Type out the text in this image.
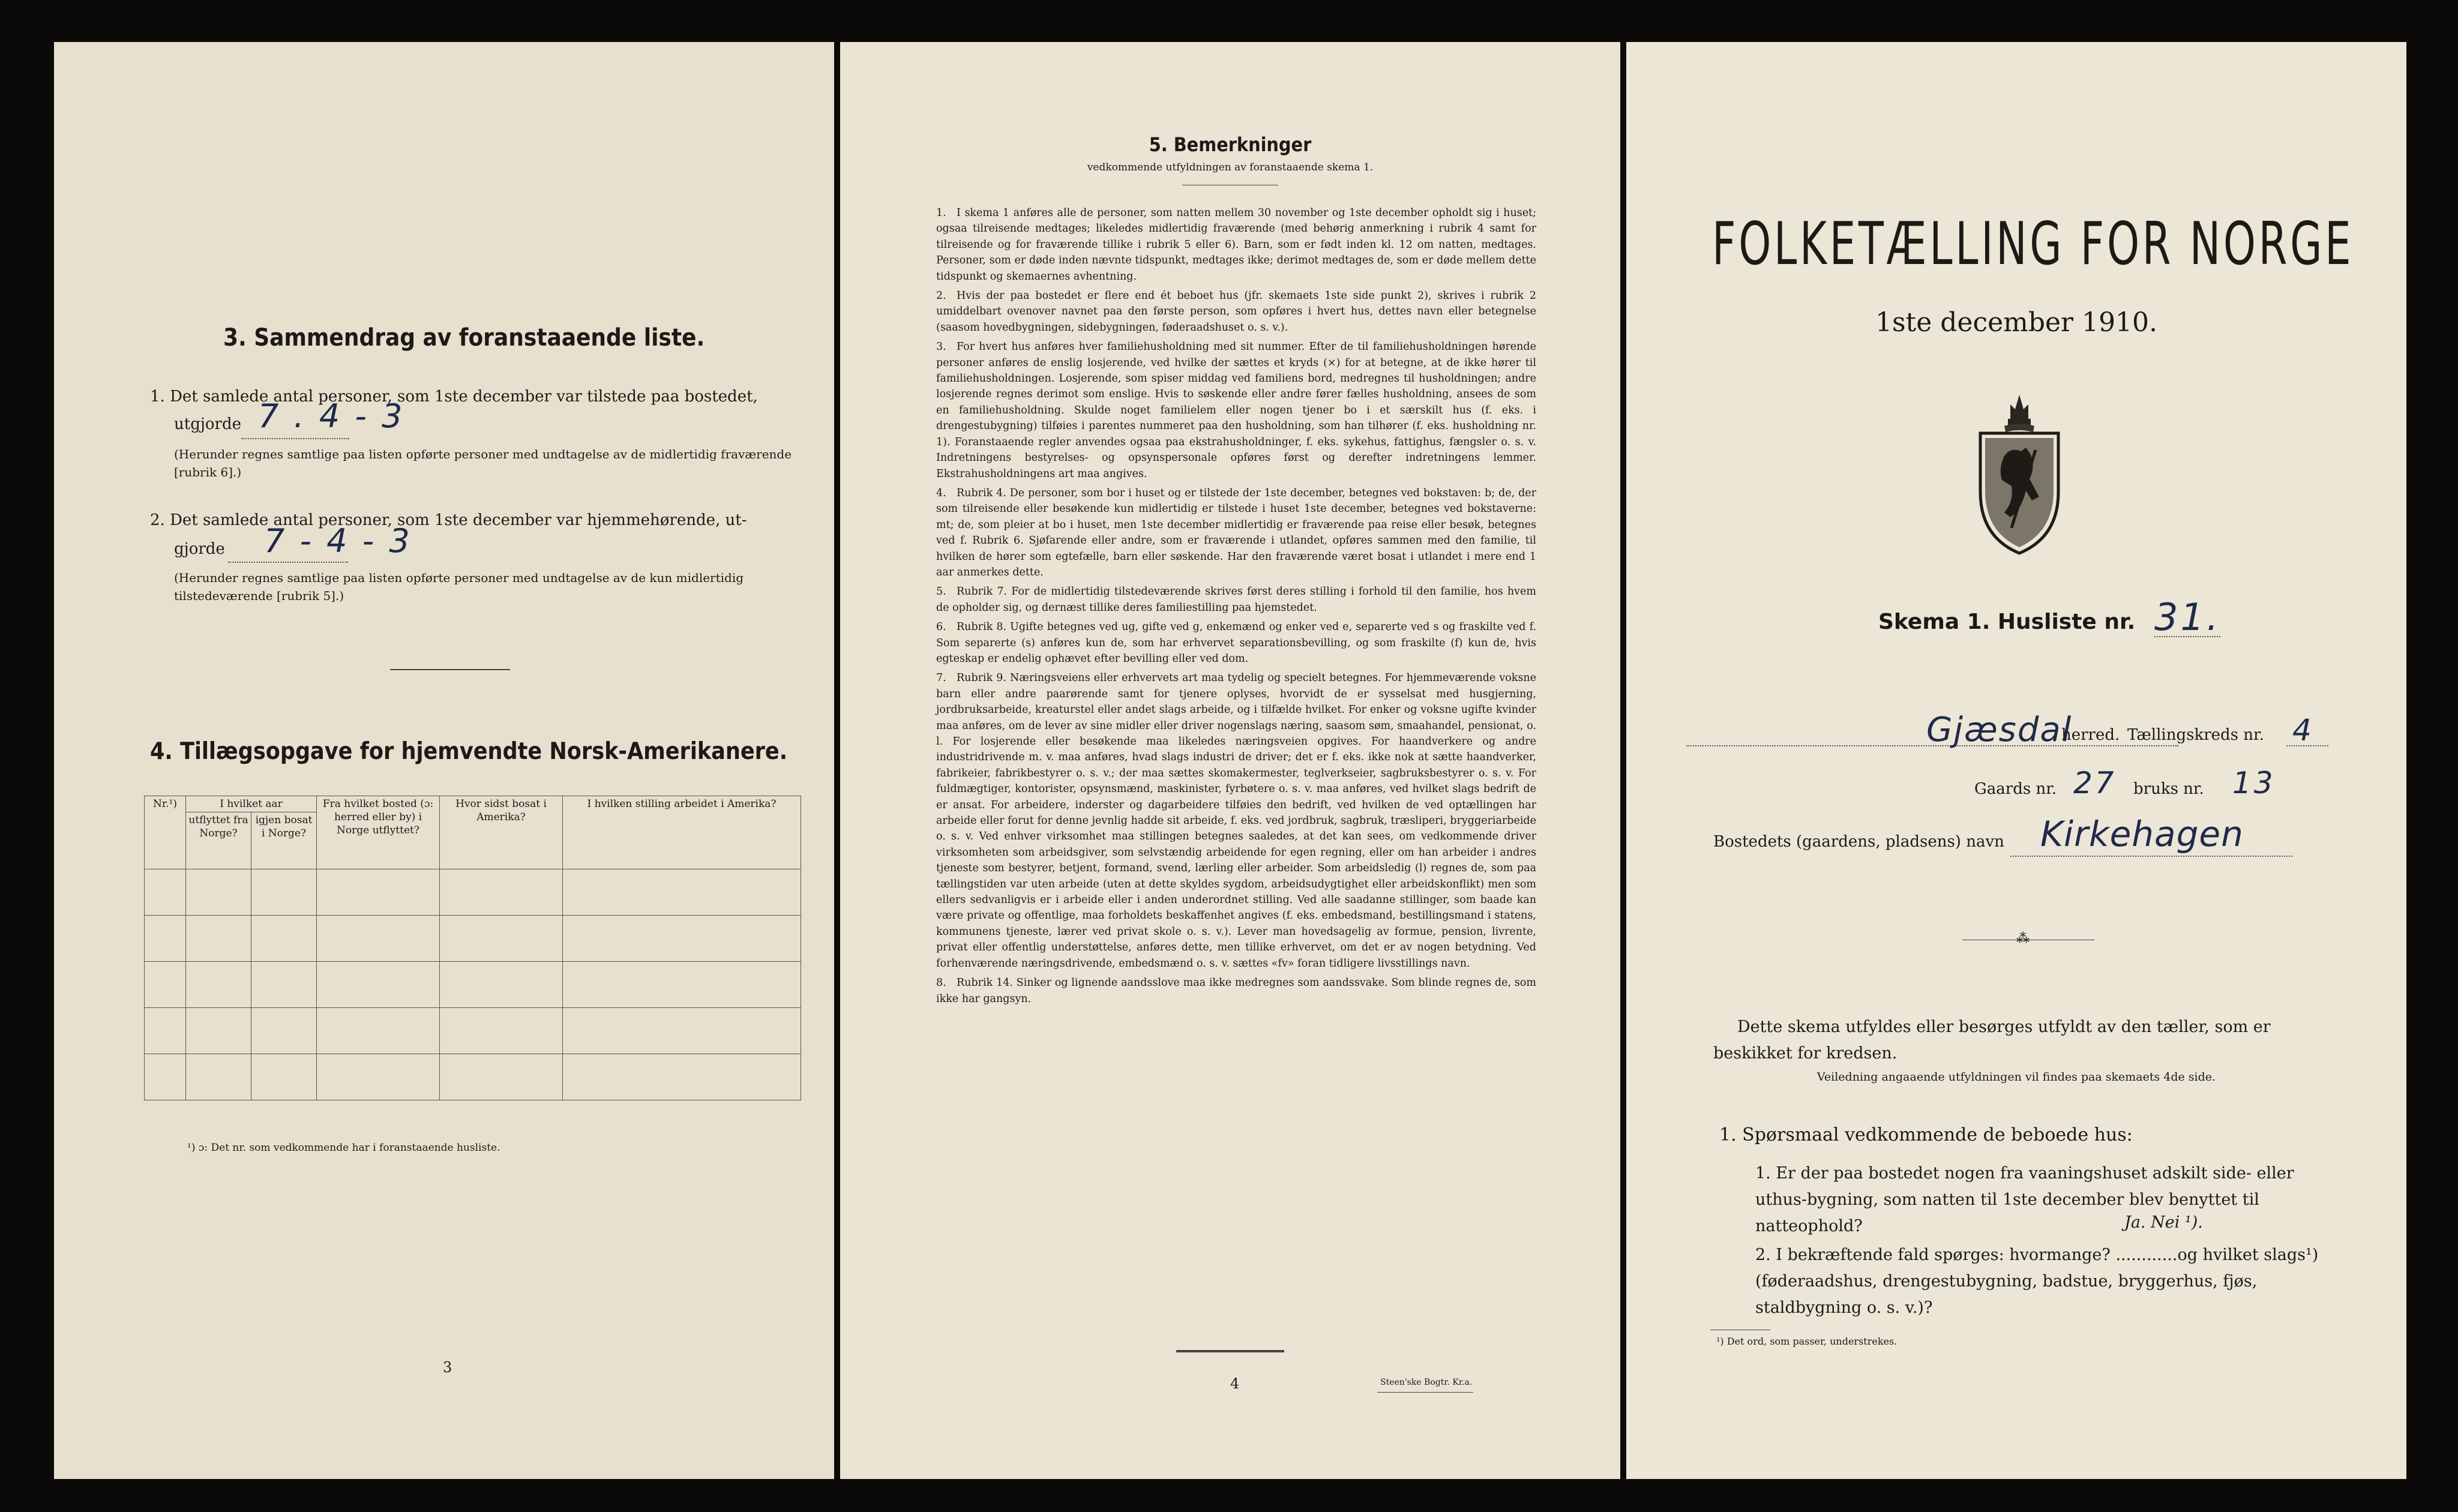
3. Sammendrag av foranstaaende liste.
1. Det samlede antal personer, som 1ste december var tilstede paa bostedet,
utgjorde 7 . 4 - 3
(Herunder regnes samtlige paa listen opførte personer med undtagelse av de midlertidig fraværende [rubrik 6].)
2. Det samlede antal personer, som 1ste december var hjemmehørende, ut-
gjorde 7 - 4 - 3
(Herunder regnes samtlige paa listen opførte personer med undtagelse av de kun midlertidig tilstedeværende [rubrik 5].)
4. Tillægsopgave for hjemvendte Norsk-Amerikanere.
Nr.¹)	I hvilket aar		Fra hvilket bosted (ɔ: herred eller by) i Norge utflyttet?	Hvor sidst bosat i Amerika?	I hvilken stilling arbeidet i Amerika?
	utflyttet fra Norge?	igjen bosat i Norge?			

¹) ɔ: Det nr. som vedkommende har i foranstaaende husliste.
3
5. Bemerkninger
vedkommende utfyldningen av foranstaaende skema 1.

1. I skema 1 anføres alle de personer, som natten mellem 30 november og 1ste december opholdt sig i huset; ogsaa tilreisende medtages; likeledes midlertidig fraværende (med behørig anmerkning i rubrik 4 samt for tilreisende og for fraværende tillike i rubrik 5 eller 6). Barn, som er født inden kl. 12 om natten, medtages. Personer, som er døde inden nævnte tidspunkt, medtages ikke; derimot medtages de, som er døde mellem dette tidspunkt og skemaernes avhentning.

2. Hvis der paa bostedet er flere end ét beboet hus (jfr. skemaets 1ste side punkt 2), skrives i rubrik 2 umiddelbart ovenover navnet paa den første person, som opføres i hvert hus, dettes navn eller betegnelse (saasom hovedbygningen, sidebygningen, føderaadshuset o. s. v.).

3. For hvert hus anføres hver familiehusholdning med sit nummer. Efter de til familiehusholdningen hørende personer anføres de enslig losjerende, ved hvilke der sættes et kryds (×) for at betegne, at de ikke hører til familiehusholdningen. Losjerende, som spiser middag ved familiens bord, medregnes til husholdningen; andre losjerende regnes derimot som enslige. Hvis to søskende eller andre fører fælles husholdning, ansees de som en familiehusholdning. Skulde noget familielem eller nogen tjener bo i et særskilt hus (f. eks. i drengestubygning) tilføies i parentes nummeret paa den husholdning, som han tilhører (f. eks. husholdning nr. 1). Foranstaaende regler anvendes ogsaa paa ekstrahusholdninger, f. eks. sykehus, fattighus, fængsler o. s. v. Indretningens bestyrelses- og opsynspersonale opføres først og derefter indretningens lemmer. Ekstrahusholdningens art maa angives.

4. Rubrik 4. De personer, som bor i huset og er tilstede der 1ste december, betegnes ved bokstaven: b; de, der som tilreisende eller besøkende kun midlertidig er tilstede i huset 1ste december, betegnes ved bokstaverne: mt; de, som pleier at bo i huset, men 1ste december midlertidig er fraværende paa reise eller besøk, betegnes ved f. Rubrik 6. Sjøfarende eller andre, som er fraværende i utlandet, opføres sammen med den familie, til hvilken de hører som egtefælle, barn eller søskende. Har den fraværende været bosat i utlandet i mere end 1 aar anmerkes dette.

5. Rubrik 7. For de midlertidig tilstedeværende skrives først deres stilling i forhold til den familie, hos hvem de opholder sig, og dernæst tillike deres familiestilling paa hjemstedet.

6. Rubrik 8. Ugifte betegnes ved ug, gifte ved g, enkemænd og enker ved e, separerte ved s og fraskilte ved f. Som separerte (s) anføres kun de, som har erhvervet separationsbevilling, og som fraskilte (f) kun de, hvis egteskap er endelig ophævet efter bevilling eller ved dom.

7. Rubrik 9. Næringsveiens eller erhvervets art maa tydelig og specielt betegnes. For hjemmeværende voksne barn eller andre paarørende samt for tjenere oplyses, hvorvidt de er sysselsat med husgjerning, jordbruksarbeide, kreaturstel eller andet slags arbeide, og i tilfælde hvilket. For enker og voksne ugifte kvinder maa anføres, om de lever av sine midler eller driver nogenslags næring, saasom søm, smaahandel, pensionat, o. l. For losjerende eller besøkende maa likeledes næringsveien opgives. For haandverkere og andre industridrivende m. v. maa anføres, hvad slags industri de driver; det er f. eks. ikke nok at sætte haandverker, fabrikeier, fabrikbestyrer o. s. v.; der maa sættes skomakermester, teglverkseier, sagbruksbestyrer o. s. v. For fuldmægtiger, kontorister, opsynsmænd, maskinister, fyrbøtere o. s. v. maa anføres, ved hvilket slags bedrift de er ansat. For arbeidere, inderster og dagarbeidere tilføies den bedrift, ved hvilken de ved optællingen har arbeide eller forut for denne jevnlig hadde sit arbeide, f. eks. ved jordbruk, sagbruk, træsliperi, bryggeriarbeide o. s. v. Ved enhver virksomhet maa stillingen betegnes saaledes, at det kan sees, om vedkommende driver virksomheten som arbeidsgiver, som selvstændig arbeidende for egen regning, eller om han arbeider i andres tjeneste som bestyrer, betjent, formand, svend, lærling eller arbeider. Som arbeidsledig (l) regnes de, som paa tællingstiden var uten arbeide (uten at dette skyldes sygdom, arbeidsudygtighet eller arbeidskonflikt) men som ellers sedvanligvis er i arbeide eller i anden underordnet stilling. Ved alle saadanne stillinger, som baade kan være private og offentlige, maa forholdets beskaffenhet angives (f. eks. embedsmand, bestillingsmand i statens, kommunens tjeneste, lærer ved privat skole o. s. v.). Lever man hovedsagelig av formue, pension, livrente, privat eller offentlig understøttelse, anføres dette, men tillike erhvervet, om det er av nogen betydning. Ved forhenværende næringsdrivende, embedsmænd o. s. v. sættes «fv» foran tidligere livsstillings navn.

8. Rubrik 14. Sinker og lignende aandsslove maa ikke medregnes som aandssvake. Som blinde regnes de, som ikke har gangsyn.

4	Steen'ske Bogtr. Kr.a.
FOLKETÆLLING FOR NORGE
1ste december 1910.
Skema 1. Husliste nr. 31.
Gjæsdal
herred. Tællingskreds nr. 4
Gaards nr. 27 bruks nr. 13
Bostedets (gaardens, pladsens) navn Kirkehagen
⁂
Dette skema utfyldes eller besørges utfyldt av den tæller, som er beskikket for kredsen.
Veiledning angaaende utfyldningen vil findes paa skemaets 4de side.
1. Spørsmaal vedkommende de beboede hus:
1. Er der paa bostedet nogen fra vaaningshuset adskilt side- eller uthus-bygning, som natten til 1ste december blev benyttet til natteophold?	Ja. Nei ¹).
2. I bekræftende fald spørges: hvormange? ............og hvilket slags¹) (føderaadshus, drengestubygning, badstue, bryggerhus, fjøs, staldbygning o. s. v.)?
¹) Det ord, som passer, understrekes.
